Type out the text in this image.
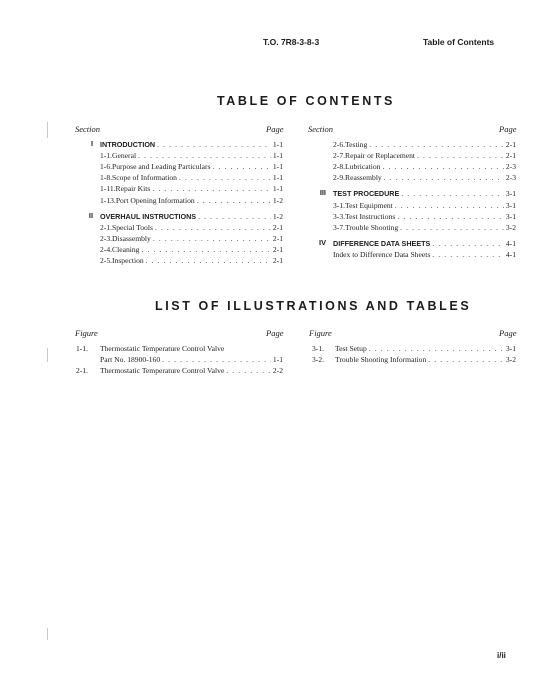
T.O. 7R8-3-8-3	Table of Contents
TABLE OF CONTENTS
Section	Page	Section	Page
I INTRODUCTION . . .	1-1
1-1. General . . .	1-1
1-6. Purpose and Leading Particulars . . .	1-1
1-8. Scope of Information . . .	1-1
1-11. Repair Kits . . .	1-1
1-13. Port Opening Information . . .	1-2
II OVERHAUL INSTRUCTIONS . . .	1-2
2-1. Special Tools . . .	2-1
2-3. Disassembly . . .	2-1
2-4. Cleaning . . .	2-1
2-5. Inspection . . .	2-1
2-6. Testing . . .	2-1
2-7. Repair or Replacement . . .	2-1
2-8. Lubrication . . .	2-3
2-9. Reassembly . . .	2-3
III TEST PROCEDURE . . .	3-1
3-1. Test Equipment . . .	3-1
3-3. Test Instructions . . .	3-1
3-7. Trouble Shooting . . .	3-2
IV DIFFERENCE DATA SHEETS . . .	4-1
Index to Difference Data Sheets . . .	4-1
LIST OF ILLUSTRATIONS AND TABLES
Figure	Page	Figure	Page
1-1. Thermostatic Temperature Control Valve
Part No. 18900-160 . . .	1-1
2-1. Thermostatic Temperature Control Valve . . .	2-2
3-1. Test Setup . . .	3-1
3-2. Trouble Shooting Information . . .	3-2
i/ii
